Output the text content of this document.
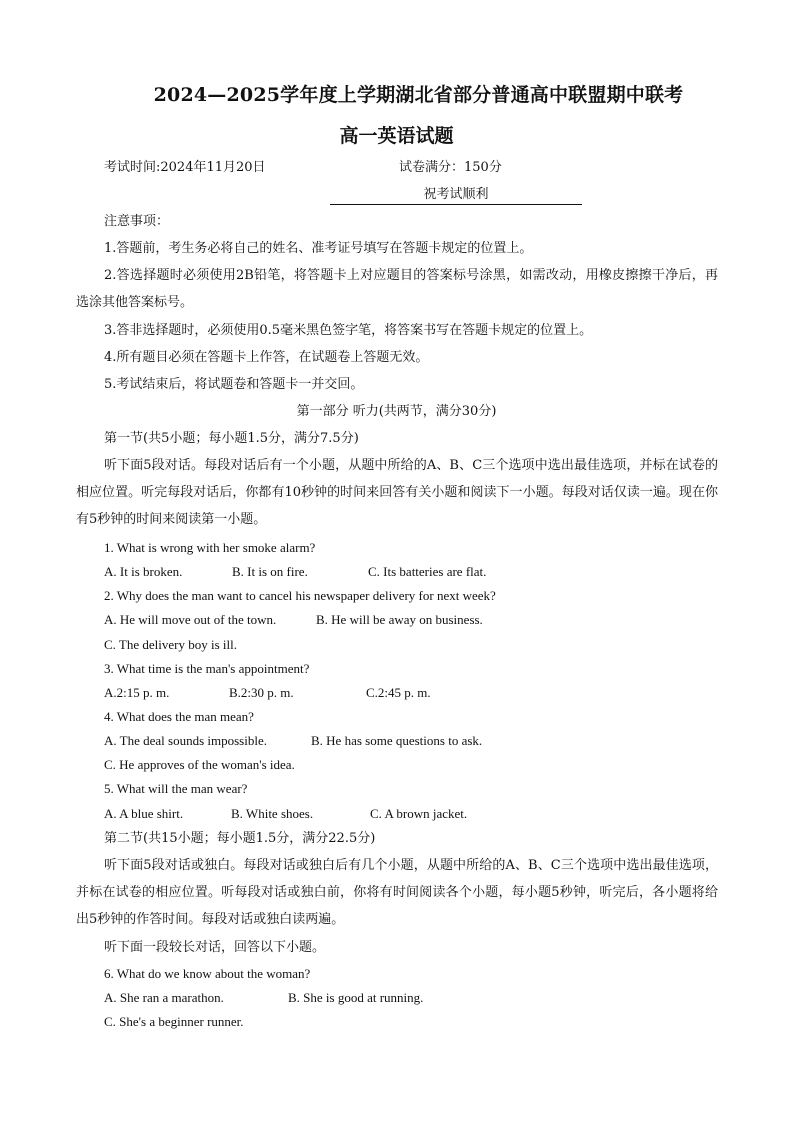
2024—2025学年度上学期湖北省部分普通高中联盟期中联考
高一英语试题
考试时间:2024年11月20日	试卷满分：150分
祝考试顺利
注意事项：
1.答题前，考生务必将自己的姓名、准考证号填写在答题卡规定的位置上。
2.答选择题时必须使用2B铅笔，将答题卡上对应题目的答案标号涂黑，如需改动，用橡皮擦擦干净后，再选涂其他答案标号。
3.答非选择题时，必须使用0.5毫米黑色签字笔，将答案书写在答题卡规定的位置上。
4.所有题目必须在答题卡上作答，在试题卷上答题无效。
5.考试结束后，将试题卷和答题卡一并交回。
第一部分 听力(共两节，满分30分)
第一节(共5小题；每小题1.5分，满分7.5分)
听下面5段对话。每段对话后有一个小题，从题中所给的A、B、C三个选项中选出最佳选项，并标在试卷的相应位置。听完每段对话后，你都有10秒钟的时间来回答有关小题和阅读下一小题。每段对话仅读一遍。现在你有5秒钟的时间来阅读第一小题。
1. What is wrong with her smoke alarm?
A. It is broken.	B. It is on fire.	C. Its batteries are flat.
2. Why does the man want to cancel his newspaper delivery for next week?
A. He will move out of the town.	B. He will be away on business.
C. The delivery boy is ill.
3. What time is the man's appointment?
A.2:15 p. m.	B.2:30 p. m.	C.2:45 p. m.
4. What does the man mean?
A. The deal sounds impossible.	B. He has some questions to ask.
C. He approves of the woman's idea.
5. What will the man wear?
A. A blue shirt.	B. White shoes.	C. A brown jacket.
第二节(共15小题；每小题1.5分，满分22.5分)
听下面5段对话或独白。每段对话或独白后有几个小题，从题中所给的A、B、C三个选项中选出最佳选项，并标在试卷的相应位置。听每段对话或独白前，你将有时间阅读各个小题，每小题5秒钟，听完后，各小题将给出5秒钟的作答时间。每段对话或独白读两遍。
听下面一段较长对话，回答以下小题。
6. What do we know about the woman?
A. She ran a marathon.	B. She is good at running.
C. She's a beginner runner.
